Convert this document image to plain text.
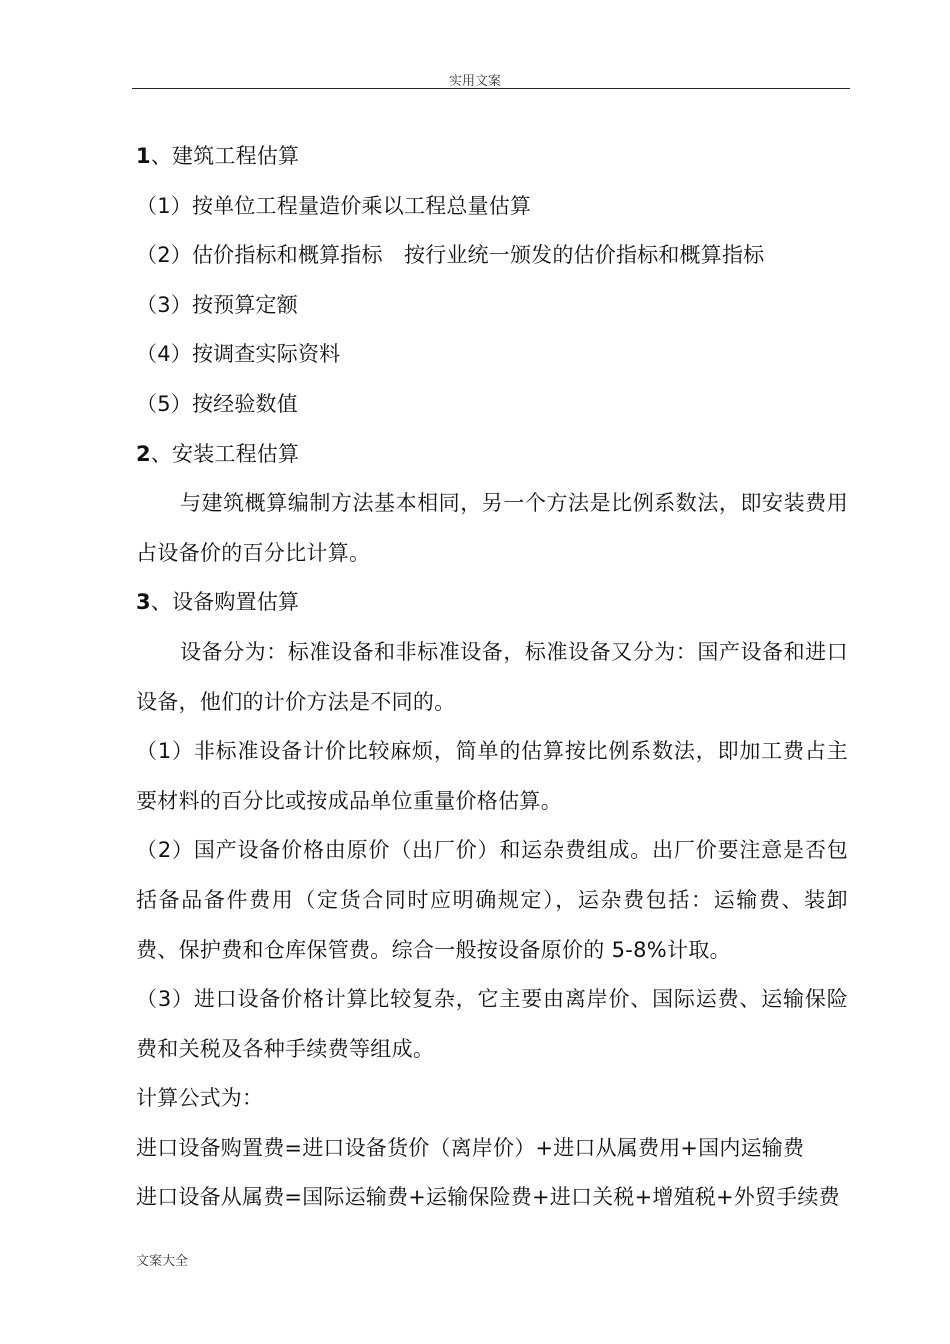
实用文案
1、建筑工程估算
（1）按单位工程量造价乘以工程总量估算
（2）估价指标和概算指标　按行业统一颁发的估价指标和概算指标
（3）按预算定额
（4）按调查实际资料
（5）按经验数值
2、安装工程估算
与建筑概算编制方法基本相同，另一个方法是比例系数法，即安装费用占设备价的百分比计算。
3、设备购置估算
设备分为：标准设备和非标准设备，标准设备又分为：国产设备和进口设备，他们的计价方法是不同的。
（1）非标准设备计价比较麻烦，简单的估算按比例系数法，即加工费占主要材料的百分比或按成品单位重量价格估算。
（2）国产设备价格由原价（出厂价）和运杂费组成。出厂价要注意是否包括备品备件费用（定货合同时应明确规定），运杂费包括：运输费、装卸费、保护费和仓库保管费。综合一般按设备原价的 5-8%计取。
（3）进口设备价格计算比较复杂，它主要由离岸价、国际运费、运输保险费和关税及各种手续费等组成。
计算公式为：
进口设备购置费=进口设备货价（离岸价）+进口从属费用+国内运输费
进口设备从属费=国际运输费+运输保险费+进口关税+增殖税+外贸手续费
文案大全
